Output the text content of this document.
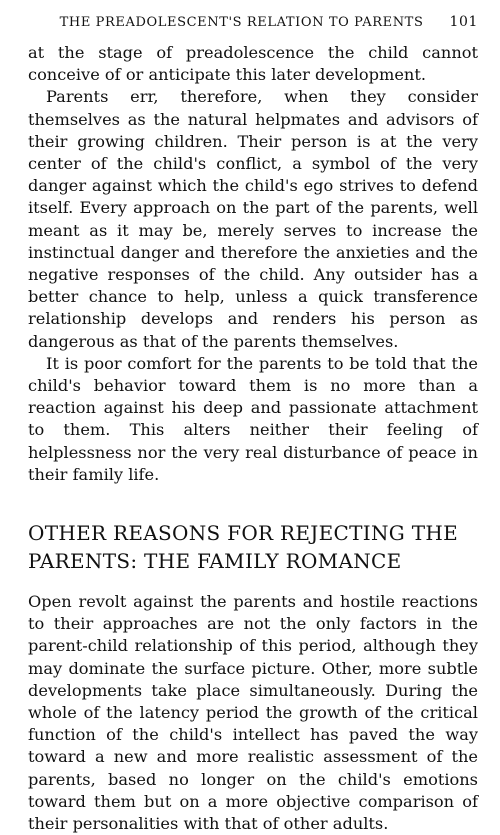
THE PREADOLESCENT'S RELATION TO PARENTS 101

at the stage of preadolescence the child cannot conceive of or anticipate this later development.

Parents err, therefore, when they consider themselves as the natural helpmates and advisors of their growing children. Their person is at the very center of the child's conflict, a symbol of the very danger against which the child's ego strives to defend itself. Every approach on the part of the parents, well meant as it may be, merely serves to increase the instinctual danger and therefore the anxieties and the negative responses of the child. Any outsider has a better chance to help, unless a quick transference relationship develops and renders his person as dangerous as that of the parents themselves.

It is poor comfort for the parents to be told that the child's behavior toward them is no more than a reaction against his deep and passionate attachment to them. This alters neither their feeling of helplessness nor the very real disturbance of peace in their family life.

OTHER REASONS FOR REJECTING THE PARENTS: THE FAMILY ROMANCE

Open revolt against the parents and hostile reactions to their approaches are not the only factors in the parent-child relationship of this period, although they may dominate the surface picture. Other, more subtle developments take place simultaneously. During the whole of the latency period the growth of the critical function of the child's intellect has paved the way toward a new and more realistic assessment of the parents, based no longer on the child's emotions toward them but on a more objective comparison of their personalities with that of other adults.
